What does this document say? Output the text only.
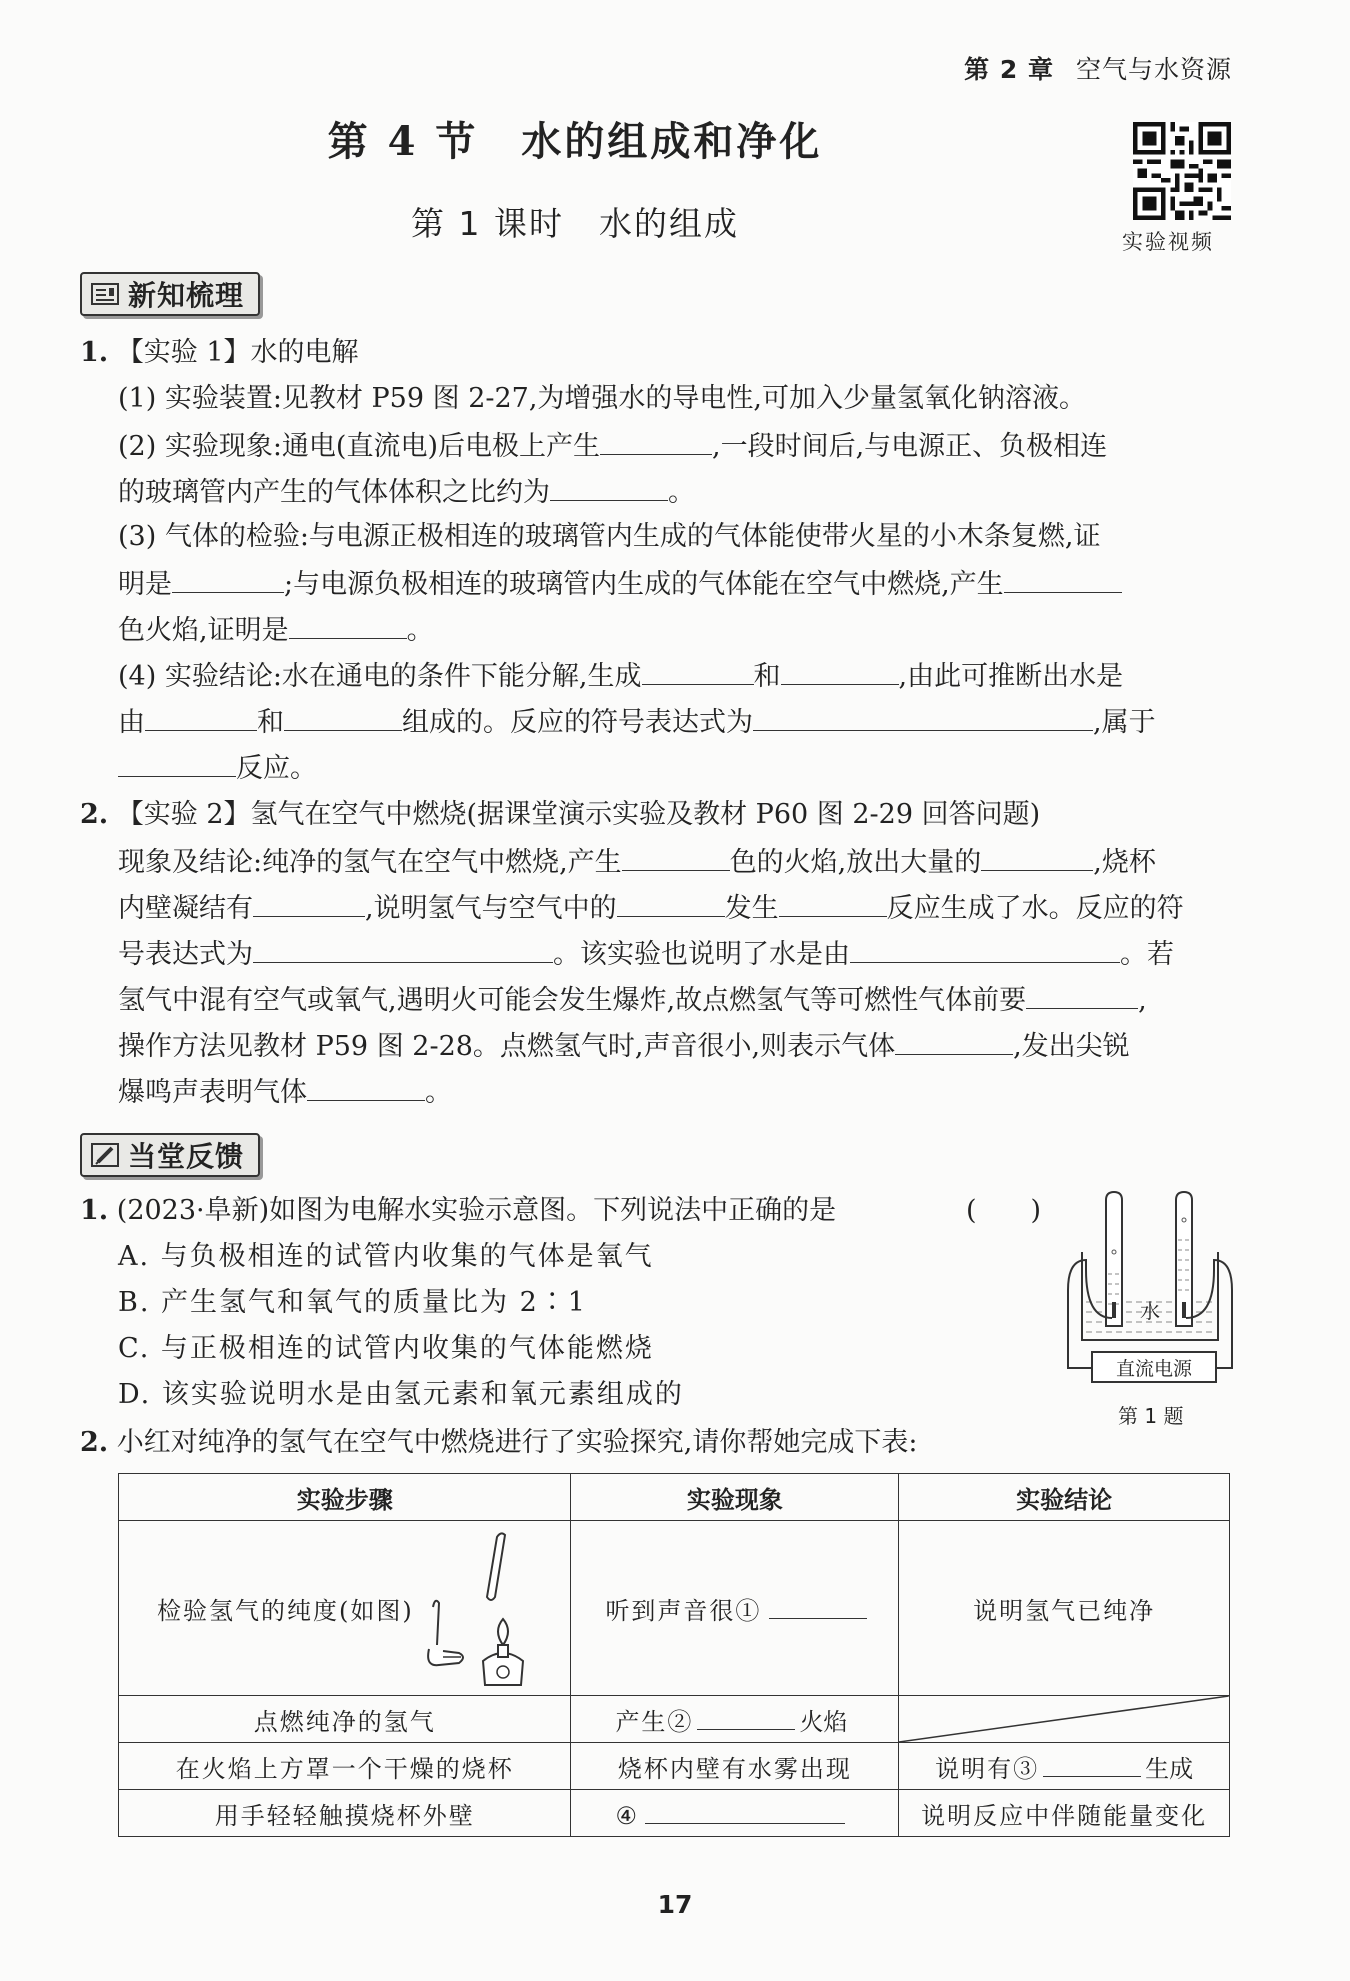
第 2 章 空气与水资源
第 4 节　水的组成和净化
第 1 课时　水的组成	实验视频
新知梳理
1. 【实验 1】水的电解
(1) 实验装置:见教材 P59 图 2-27,为增强水的导电性,可加入少量氢氧化钠溶液。
(2) 实验现象:通电(直流电)后电极上产生	,一段时间后,与电源正、负极相连
的玻璃管内产生的气体体积之比约为	。
(3) 气体的检验:与电源正极相连的玻璃管内生成的气体能使带火星的小木条复燃,证
明是	;与电源负极相连的玻璃管内生成的气体能在空气中燃烧,产生
色火焰,证明是	。
(4) 实验结论:水在通电的条件下能分解,生成	和	,由此可推断出水是
由	和	组成的。反应的符号表达式为	,属于
反应。
2. 【实验 2】氢气在空气中燃烧(据课堂演示实验及教材 P60 图 2-29 回答问题)
现象及结论:纯净的氢气在空气中燃烧,产生	色的火焰,放出大量的	,烧杯
内壁凝结有	,说明氢气与空气中的	发生	反应生成了水。反应的符
号表达式为	。该实验也说明了水是由	。若
氢气中混有空气或氧气,遇明火可能会发生爆炸,故点燃氢气等可燃性气体前要	,
操作方法见教材 P59 图 2-28。点燃氢气时,声音很小,则表示气体	,发出尖锐
爆鸣声表明气体	。
当堂反馈
1. (2023·阜新)如图为电解水实验示意图。下列说法中正确的是	(　　)
A. 与负极相连的试管内收集的气体是氧气
B. 产生氢气和氧气的质量比为 2∶1
C. 与正极相连的试管内收集的气体能燃烧
D. 该实验说明水是由氢元素和氧元素组成的
水
直流电源
第 1 题
2. 小红对纯净的氢气在空气中燃烧进行了实验探究,请你帮她完成下表:
实验步骤	实验现象	实验结论

检验氢气的纯度(如图)	听到声音很①	说明氢气已纯净
点燃纯净的氢气	产生② 火焰	

在火焰上方罩一个干燥的烧杯	烧杯内壁有水雾出现	说明有③ 生成
用手轻轻触摸烧杯外壁	④	说明反应中伴随能量变化
17
